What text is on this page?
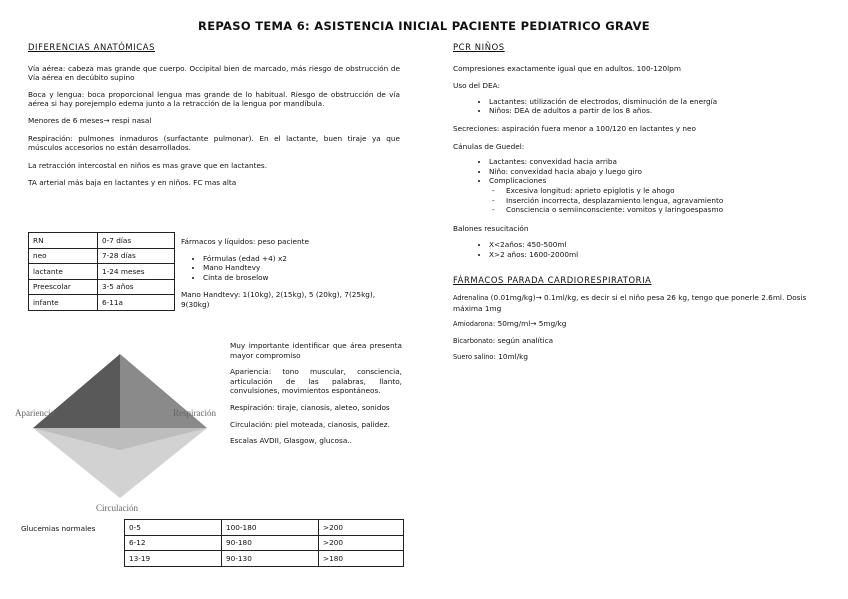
REPASO TEMA 6: ASISTENCIA INICIAL PACIENTE PEDIATRICO GRAVE
DIFERENCIAS ANATÓMICAS

Vía aérea: cabeza mas grande que cuerpo. Occipital bien de marcado, más riesgo de obstrucción de Vía aérea en decúbito supino

Boca y lengua: boca proporcional lengua mas grande de lo habitual. Riesgo de obstrucción de vía aérea si hay porejemplo edema junto a la retracción de la lengua por mandíbula.

Menores de 6 meses→ respi nasal

Respiración: pulmones inmaduros (surfactante pulmonar). En el lactante, buen tiraje ya que músculos accesorios no están desarrollados.

La retracción intercostal en niños es mas grave que en lactantes.

TA arterial más baja en lactantes y en niños. FC mas alta

RN	0-7 días
neo	7-28 días
lactante	1-24 meses
Preescolar	3-5 años
infante	6-11a

Fármacos y líquidos: peso paciente

• Fórmulas (edad +4) x2
• Mano Handtevy
• Cinta de broselow

Mano Handtevy: 1(10kg), 2(15kg), 5 (20kg), 7(25kg), 9(30kg)

Apariencia	Respiración
Circulación

Muy importante identificar que área presenta mayor compromiso

Apariencia: tono muscular, consciencia, articulación de las palabras, llanto, convulsiones, movimientos espontáneos.

Respiración: tiraje, cianosis, aleteo, sonidos

Circulación: piel moteada, cianosis, palidez.

Escalas AVDII, Glasgow, glucosa..

Glucemias normales	0-5	100-180	>200
6-12	90-180	>200
13-19	90-130	>180
PCR NIÑOS

Compresiones exactamente igual que en adultos. 100-120lpm

Uso del DEA:

• Lactantes: utilización de electrodos, disminución de la energía
• Niños: DEA de adultos a partir de los 8 años.

Secreciones: aspiración fuera menor a 100/120 en lactantes y neo

Cánulas de Guedel:

• Lactantes: convexidad hacia arriba
• Niño: convexidad hacia abajo y luego giro
• Complicaciones
- Excesiva longitud: aprieto epiglotis y le ahogo
- Inserción incorrecta, desplazamiento lengua, agravamiento
- Consciencia o semiinconsciente: vomitos y laringoespasmo

Balones resucitación

• X<2años: 450-500ml
• X>2 años: 1600-2000ml
FÁRMACOS PARADA CARDIORESPIRATORIA

Adrenalina (0.01mg/kg)→ 0.1ml/kg, es decir si el niño pesa 26 kg, tengo que ponerle 2.6ml. Dosis máxima 1mg

Amiodarona: 50mg/ml→ 5mg/kg

Bicarbonato: según analítica

Suero salino: 10ml/kg
